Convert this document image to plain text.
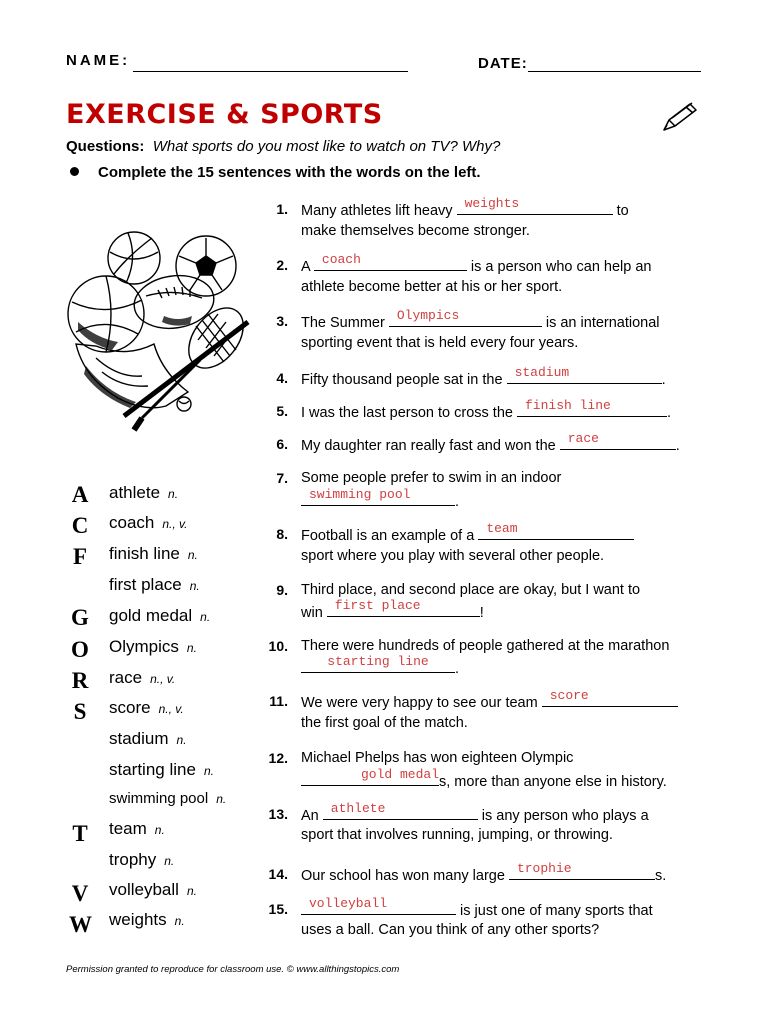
NAME:	DATE:
EXERCISE & SPORTS
Questions: What sports do you most like to watch on TV? Why?
Complete the 15 sentences with the words on the left.
A athlete n.
C coach n., v.
F finish line n.
first place n.
G gold medal n.
O Olympics n.
R race n., v.
S score n., v.
stadium n.
starting line n.
swimming pool n.
T team n.
trophy n.
V volleyball n.
W weights n.
1. Many athletes lift heavy weights	to
make themselves become stronger.
2. A coach	is a person who can help an
athlete become better at his or her sport.
3. The Summer Olympics	is an international
sporting event that is held every four years.
4. Fifty thousand people sat in the stadium	.
5. I was the last person to cross the finish line	.
6. My daughter ran really fast and won the race	.
7. Some people prefer to swim in an indoor
swimming pool	.
8. Football is an example of a team
sport where you play with several other people.
9. Third place, and second place are okay, but I want to
win first place	!
10. There were hundreds of people gathered at the marathon
starting line	.
11. We were very happy to see our team score
the first goal of the match.
12. Michael Phelps has won eighteen Olympic
gold medal s, more than anyone else in history.
13. An athlete	is any person who plays a
sport that involves running, jumping, or throwing.
14. Our school has won many large trophie	s.
15.	volleyball	is just one of many sports that
uses a ball. Can you think of any other sports?
Permission granted to reproduce for classroom use. © www.allthingstopics.com
